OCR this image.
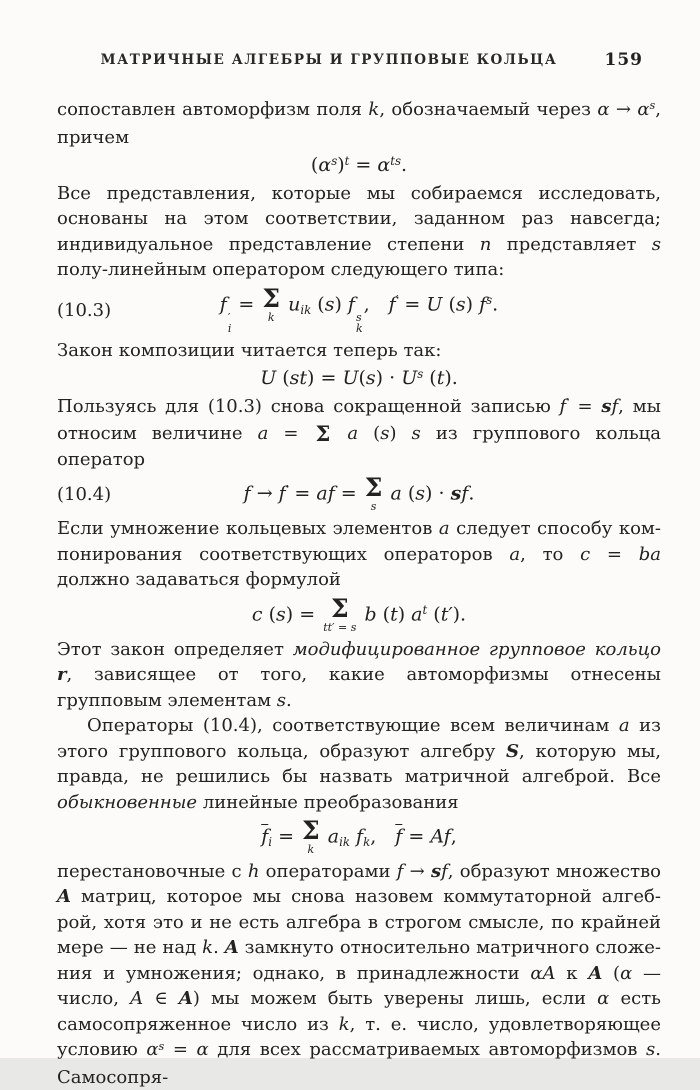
МАТРИЧНЫЕ АЛГЕБРЫ И ГРУППОВЫЕ КОЛЬЦА	159

сопоставлен автоморфизм поля k, обозначаемый через $\alpha \to \alpha^s$, причем

$(\alpha^s)^t = \alpha^{ts}$.

Все представления, которые мы собираемся исследовать, основаны на этом соответствии, заданном раз навсегда; индивидуальное представление степени n представляет s полу-линейным оператором следующего типа:

(10.3)	f
′
i
= Σ
k
uik (s) f
s
k
, f′ = U (s) $f^s$.

Закон композиции читается теперь так:

U $(st) = U(s) \cdot U^s$ (t).

Пользуясь для (10.3) снова сокращенной записью f′ = sf, мы относим величине a = Σ a (s) s из группового кольца оператор

(10.4)	f → f′ = af = Σ
s
a (s) · sf.

Если умножение кольцевых элементов a следует способу компонирования соответствующих операторов a, то c = ba должно задаваться формулой

c (s) = Σ
tt′ = s
b (t) $a^t$ (t′).

Этот закон определяет модифицированное групповое кольцо r, зависящее от того, какие автоморфизмы отнесены групповым элементам s.

Операторы (10.4), соответствующие всем величинам a из этого группового кольца, образуют алгебру S, которую мы, правда, не решились бы назвать матричной алгеброй. Все обыкновенные линейные преобразования

$\overline{f}i = \Sigma$
k
aik fk, $\overline{f} = Af$,

перестановочные с h операторами f → sf, образуют множество A матриц, которое мы снова назовем коммутаторной алгеброй, хотя это и не есть алгебра в строгом смысле, по крайней мере — не над k. A замкнуто относительно матричного сложения и умножения; однако, в принадлежности αA к A (α — число, A ∈ A) мы можем быть уверены лишь, если α есть самосопряженное число из k, т. е. число, удовлетворяющее условию $\alpha^s = \alpha$ для всех рассматриваемых автоморфизмов s. Самосопря-
